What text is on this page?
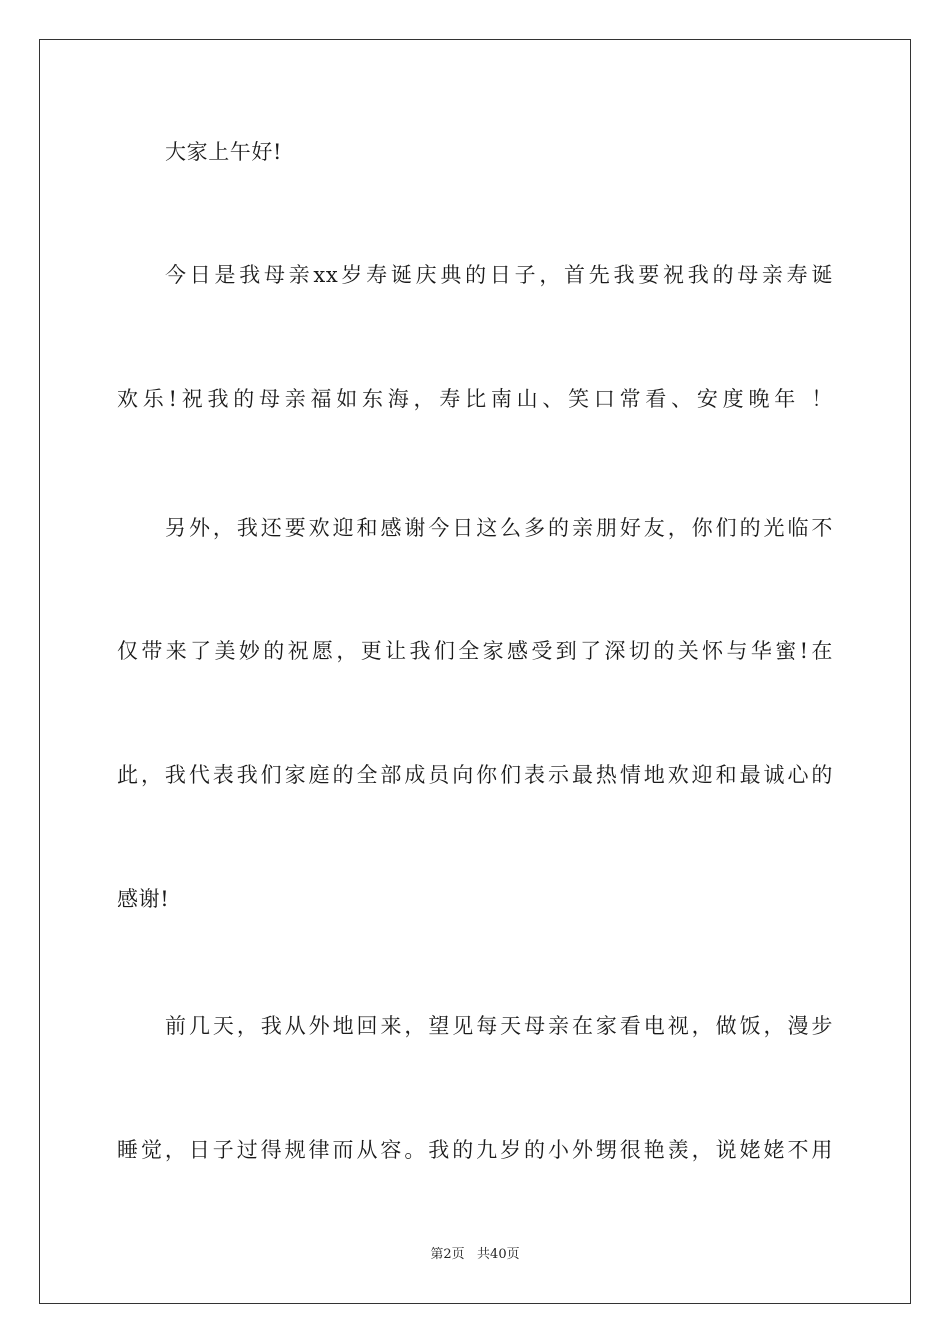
大家上午好!
今日是我母亲xx岁寿诞庆典的日子，首先我要祝我的母亲寿诞
欢乐!祝我的母亲福如东海，寿比南山、笑口常看、安度晚年 ！
另外，我还要欢迎和感谢今日这么多的亲朋好友，你们的光临不
仅带来了美妙的祝愿，更让我们全家感受到了深切的关怀与华蜜!在
此，我代表我们家庭的全部成员向你们表示最热情地欢迎和最诚心的
感谢!
前几天，我从外地回来，望见每天母亲在家看电视，做饭，漫步
睡觉，日子过得规律而从容。我的九岁的小外甥很艳羡，说姥姥不用
第2页   共40页
